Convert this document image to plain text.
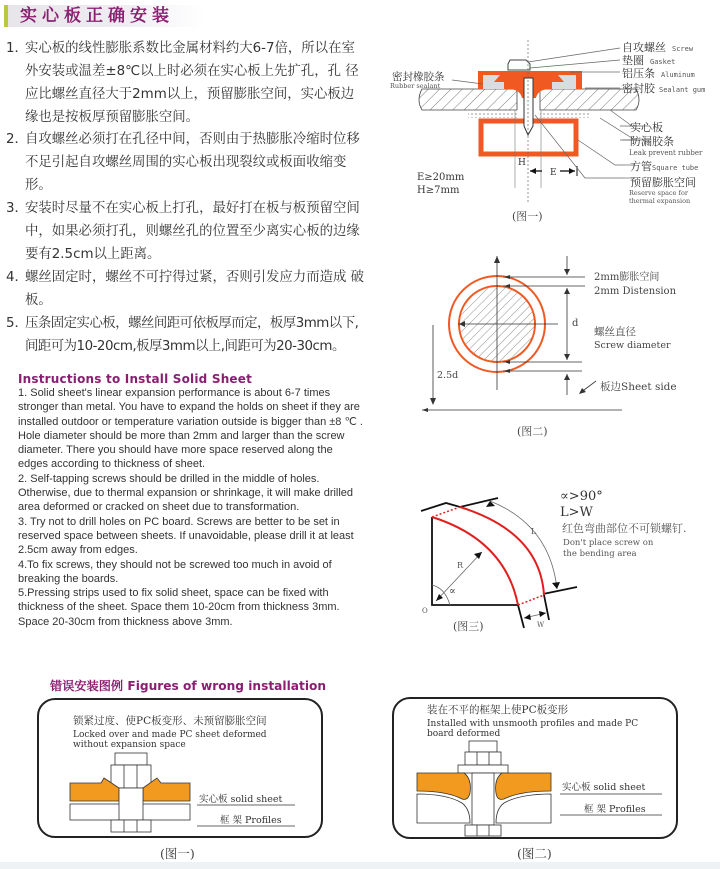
实心板正确安装
1．
实心板的线性膨胀系数比金属材料约大6-7倍，所以在室外安装或温差±8℃以上时必须在实心板上先扩孔，孔 径应比螺丝直径大于2mm以上，预留膨胀空间，实心板边缘也是按板厚预留膨胀空间。
2．
自攻螺丝必须打在孔径中间，否则由于热膨胀冷缩时位移不足引起自攻螺丝周围的实心板出现裂纹或板面收缩变形。
3．
安装时尽量不在实心板上打孔，最好打在板与板预留空间中，如果必须打孔，则螺丝孔的位置至少离实心板的边缘要有2.5cm以上距离。
4．
螺丝固定时，螺丝不可拧得过紧，否则引发应力而造成 破板。
5．
压条固定实心板，螺丝间距可依板厚而定，板厚3mm以下,间距可为10-20cm,板厚3mm以上,间距可为20-30cm。
Instructions to Install Solid Sheet

1. Solid sheet's linear expansion performance is about 6-7 times stronger than metal. You have to expand the holds on sheet if they are installed outdoor or temperature variation outside is bigger than ±8 ℃ . Hole diameter should be more than 2mm and larger than the screw diameter. There you should have more space reserved along the edges according to thickness of sheet.

2. Self-tapping screws should be drilled in the middle of holes. Otherwise, due to thermal expansion or shrinkage, it will make drilled area deformed or cracked on sheet due to transformation.

3. Try not to drill holes on PC board. Screws are better to be set in reserved space between sheets. If unavoidable, please drill it at least 2.5cm away from edges.

4.To fix screws, they should not be screwed too much in avoid of breaking the boards.

5.Pressing strips used to fix solid sheet, space can be fixed with thickness of the sheet. Space them 10-20cm from thickness 3mm. Space 20-30cm from thickness above 3mm.

H
E
E≥20mm
H≥7mm
自攻螺丝 Screw
垫圈 Gasket
铝压条 Aluminum
密封胶 Sealant gum
密封橡胶条
Rubber sealant
实心板
防漏胶条
Leak prevent rubber
方管Square tube
预留膨胀空间
Reserve space for
thermal expansion
(图一)
2mm膨胀空间
2mm Distension
d
螺丝直径
Screw diameter
2.5d
板边Sheet side
(图二)
L
R
∝
W
O
∝>90°
L>W
红色弯曲部位不可锁螺钉.
Don't place screw on
the bending area
(图三)
错误安装图例 Figures of wrong installation
锁紧过度、使PC板变形、未预留膨胀空间
Locked over and made PC sheet deformed
without expansion space
实心板 solid sheet
框 架 Profiles
(图一)
装在不平的框架上使PC板变形
Installed with unsmooth profiles and made PC
board deformed
实心板 solid sheet
框 架 Profiles
(图二)
